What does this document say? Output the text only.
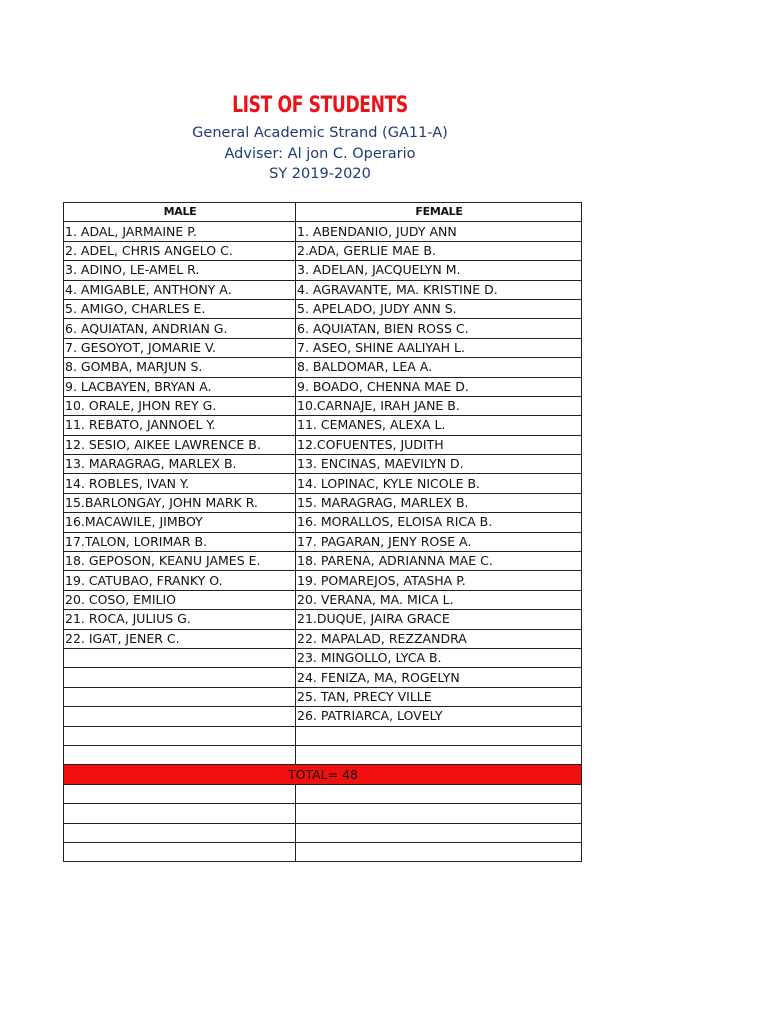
LIST OF STUDENTS
General Academic Strand (GA11-A)
Adviser: Al jon C. Operario
SY 2019-2020
MALE	FEMALE
1. ADAL, JARMAINE P.	1. ABENDANIO, JUDY ANN
2. ADEL, CHRIS ANGELO C.	2.ADA, GERLIE MAE B.
3. ADINO, LE-AMEL R.	3. ADELAN, JACQUELYN M.
4. AMIGABLE, ANTHONY A.	4. AGRAVANTE, MA. KRISTINE D.
5. AMIGO, CHARLES E.	5. APELADO, JUDY ANN S.
6. AQUIATAN, ANDRIAN G.	6. AQUIATAN, BIEN ROSS C.
7. GESOYOT, JOMARIE V.	7. ASEO, SHINE AALIYAH L.
8. GOMBA, MARJUN S.	8. BALDOMAR, LEA A.
9. LACBAYEN, BRYAN A.	9. BOADO, CHENNA MAE D.
10. ORALE, JHON REY G.	10.CARNAJE, IRAH JANE B.
11. REBATO, JANNOEL Y.	11. CEMANES, ALEXA L.
12. SESIO, AIKEE LAWRENCE B.	12.COFUENTES, JUDITH
13. MARAGRAG, MARLEX B.	13. ENCINAS, MAEVILYN D.
14. ROBLES, IVAN Y.	14. LOPINAC, KYLE NICOLE B.
15.BARLONGAY, JOHN MARK R.	15. MARAGRAG, MARLEX B.
16.MACAWILE, JIMBOY	16. MORALLOS, ELOISA RICA B.
17.TALON, LORIMAR B.	17. PAGARAN, JENY ROSE A.
18. GEPOSON, KEANU JAMES E.	18. PARENA, ADRIANNA MAE C.
19. CATUBAO, FRANKY O.	19. POMAREJOS, ATASHA P.
20. COSO, EMILIO	20. VERANA, MA. MICA L.
21. ROCA, JULIUS G.	21.DUQUE, JAIRA GRACE
22. IGAT, JENER C.	22. MAPALAD, REZZANDRA
	23. MINGOLLO, LYCA B.
	24. FENIZA, MA, ROGELYN
	25. TAN, PRECY VILLE
	26. PATRIARCA, LOVELY

TOTAL= 48	
